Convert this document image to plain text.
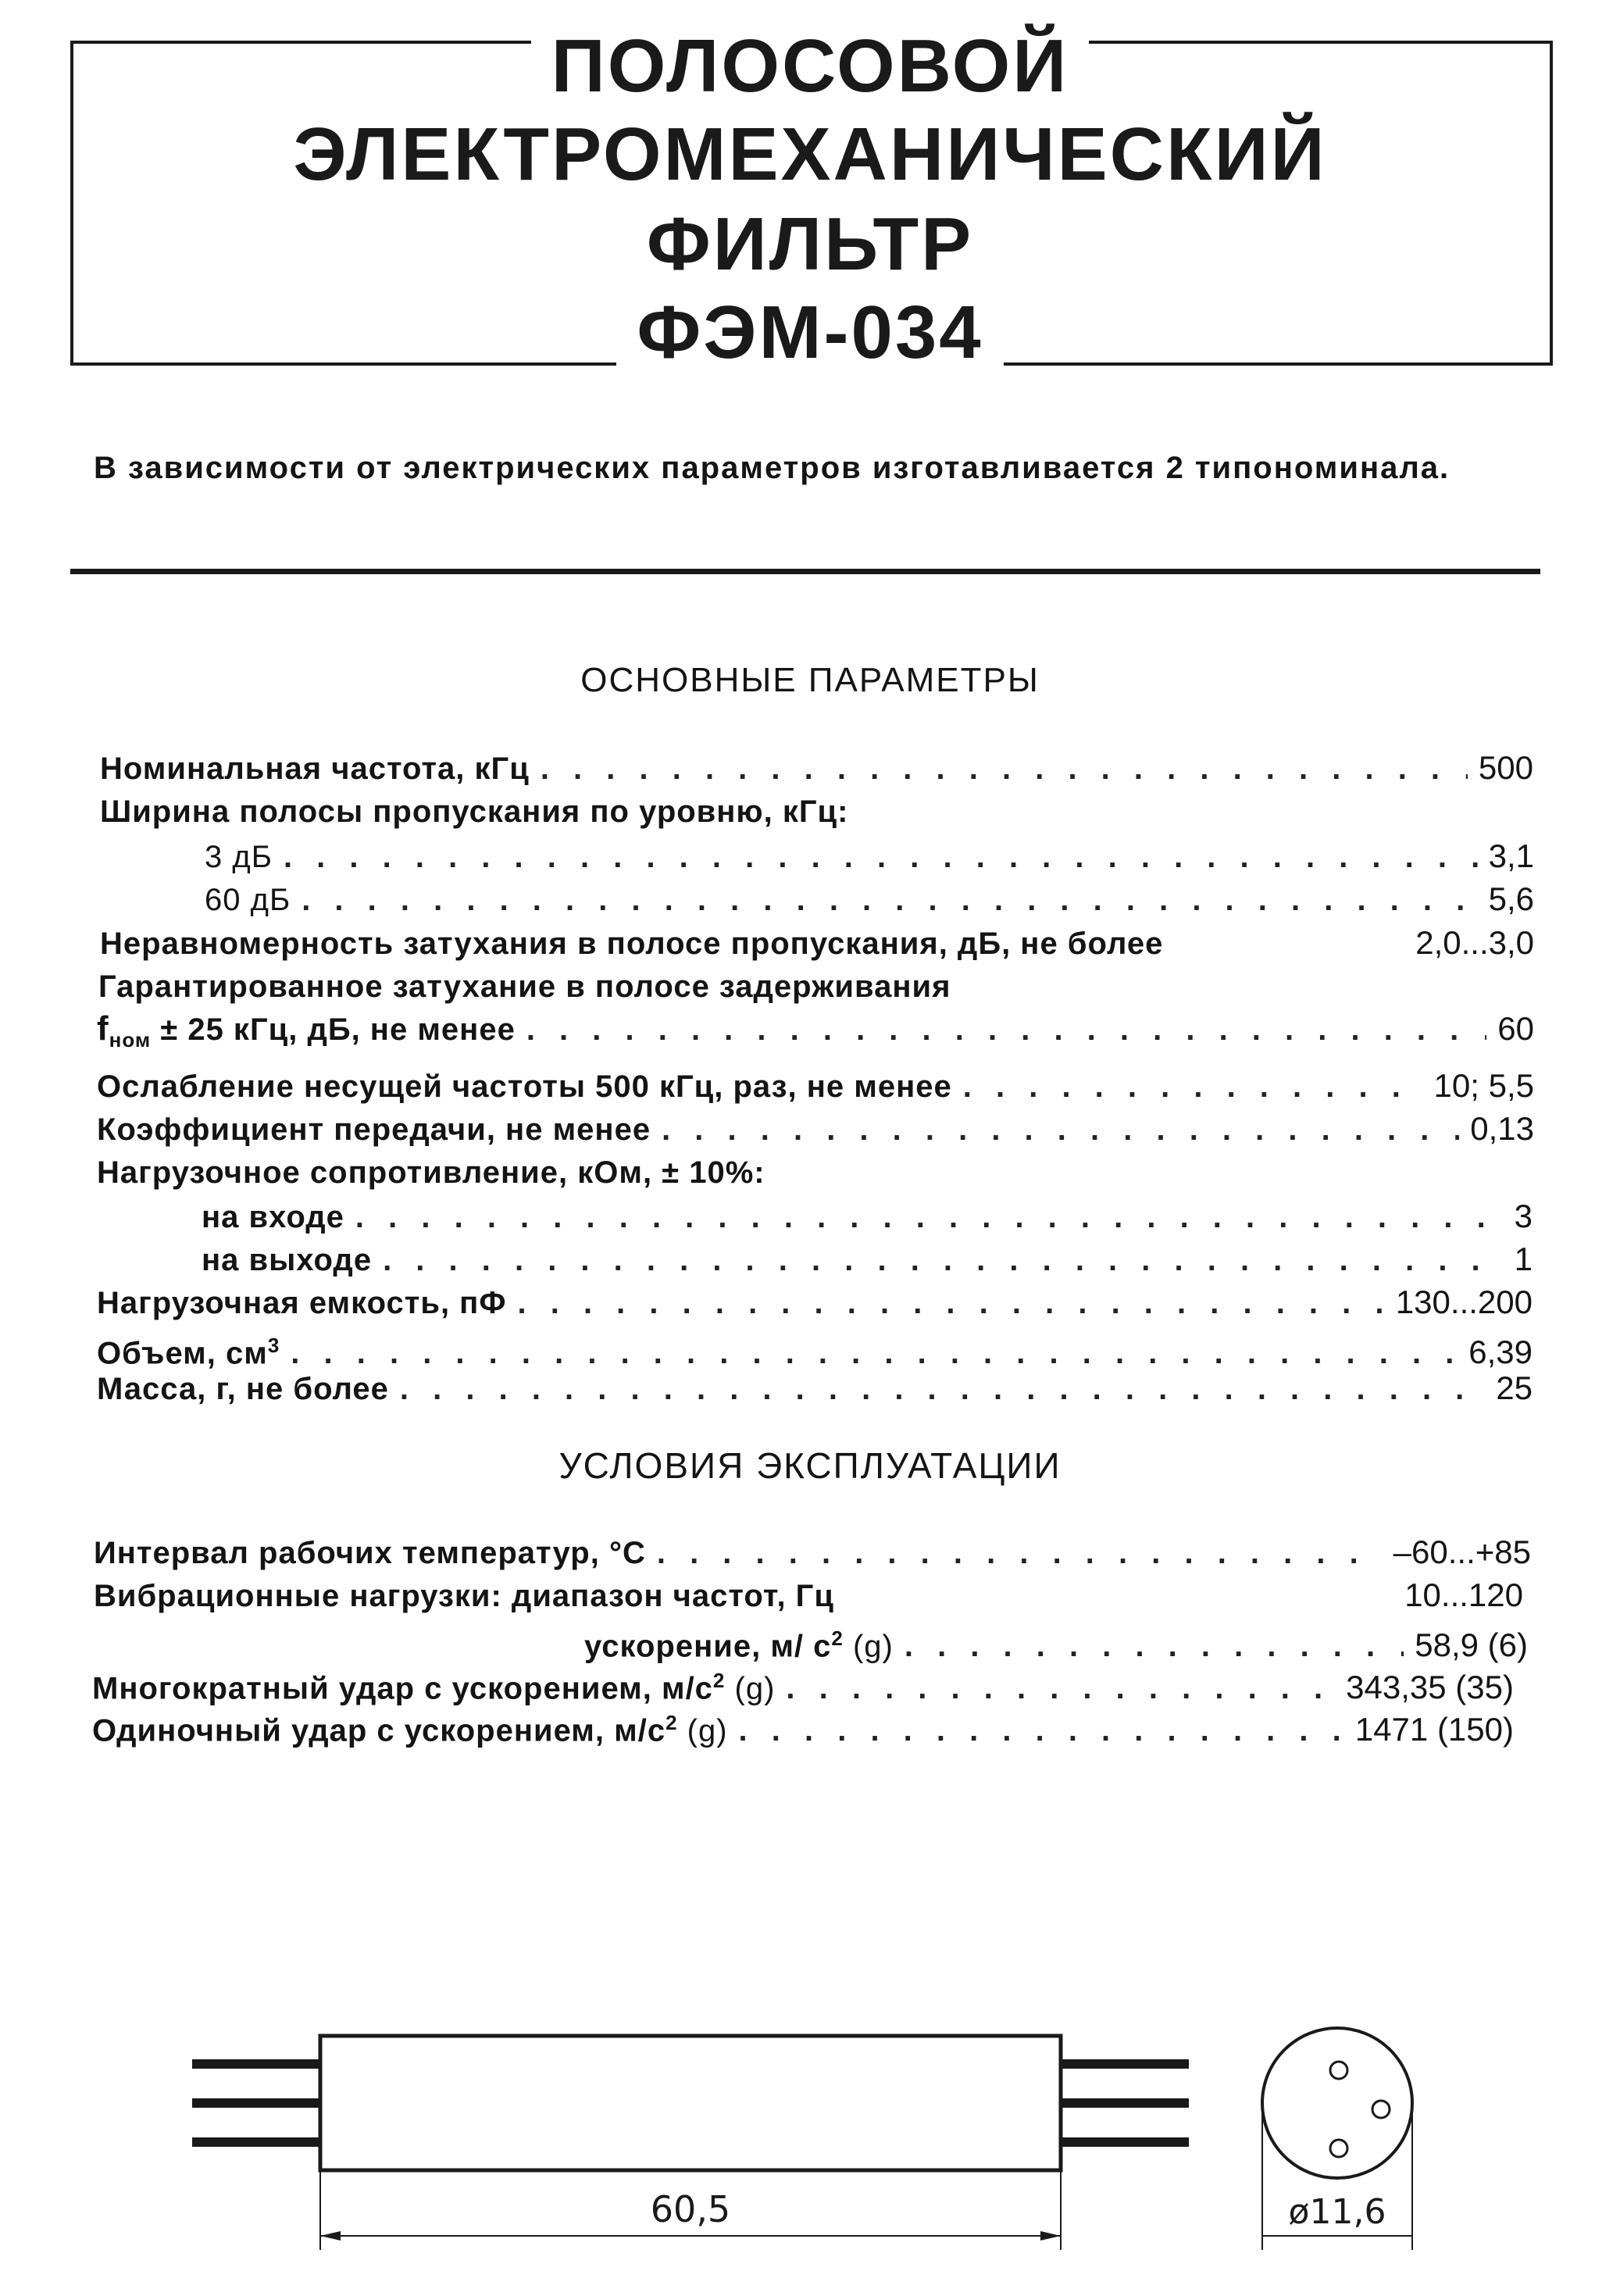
ПОЛОСОВОЙ
ЭЛЕКТРОМЕХАНИЧЕСКИЙ
ФИЛЬТР
ФЭМ-034
В зависимости от электрических параметров изготавливается 2 типономинала.
ОСНОВНЫЕ ПАРАМЕТРЫ
Номинальная частота, кГц . . .	500
Ширина полосы пропускания по уровню, кГц:
3 дБ . . .	3,1
60 дБ . . .	5,6
Неравномерность затухания в полосе пропускания, дБ, не более	2,0...3,0
Гарантированное затухание в полосе задерживания
$f_{ном} \pm 25$ кГц, дБ, не менее . . .	60
Ослабление несущей частоты 500 кГц, раз, не менее . . .	10; 5,5
Коэффициент передачи, не менее . . .	0,13
Нагрузочное сопротивление, кОм, ± 10%:
на входе . . .	3
на выходе . . .	1
Нагрузочная емкость, пФ . . .	130...200
Объем, $см^3$ . . .	6,39
Масса, г, не более . . .	25
УСЛОВИЯ ЭКСПЛУАТАЦИИ
Интервал рабочих температур, °С . . .	–60...+85
Вибрационные нагрузки: диапазон частот, Гц	10...120
ускорение, м/ $с^2$ (g) . . .	58,9 (6)
Многократный удар с ускорением, $м/с^2$ (g) . . .	343,35 (35)
Одиночный удар с ускорением, $м/с^2$ (g) . . .	1471 (150)
60,5	ø11,6
